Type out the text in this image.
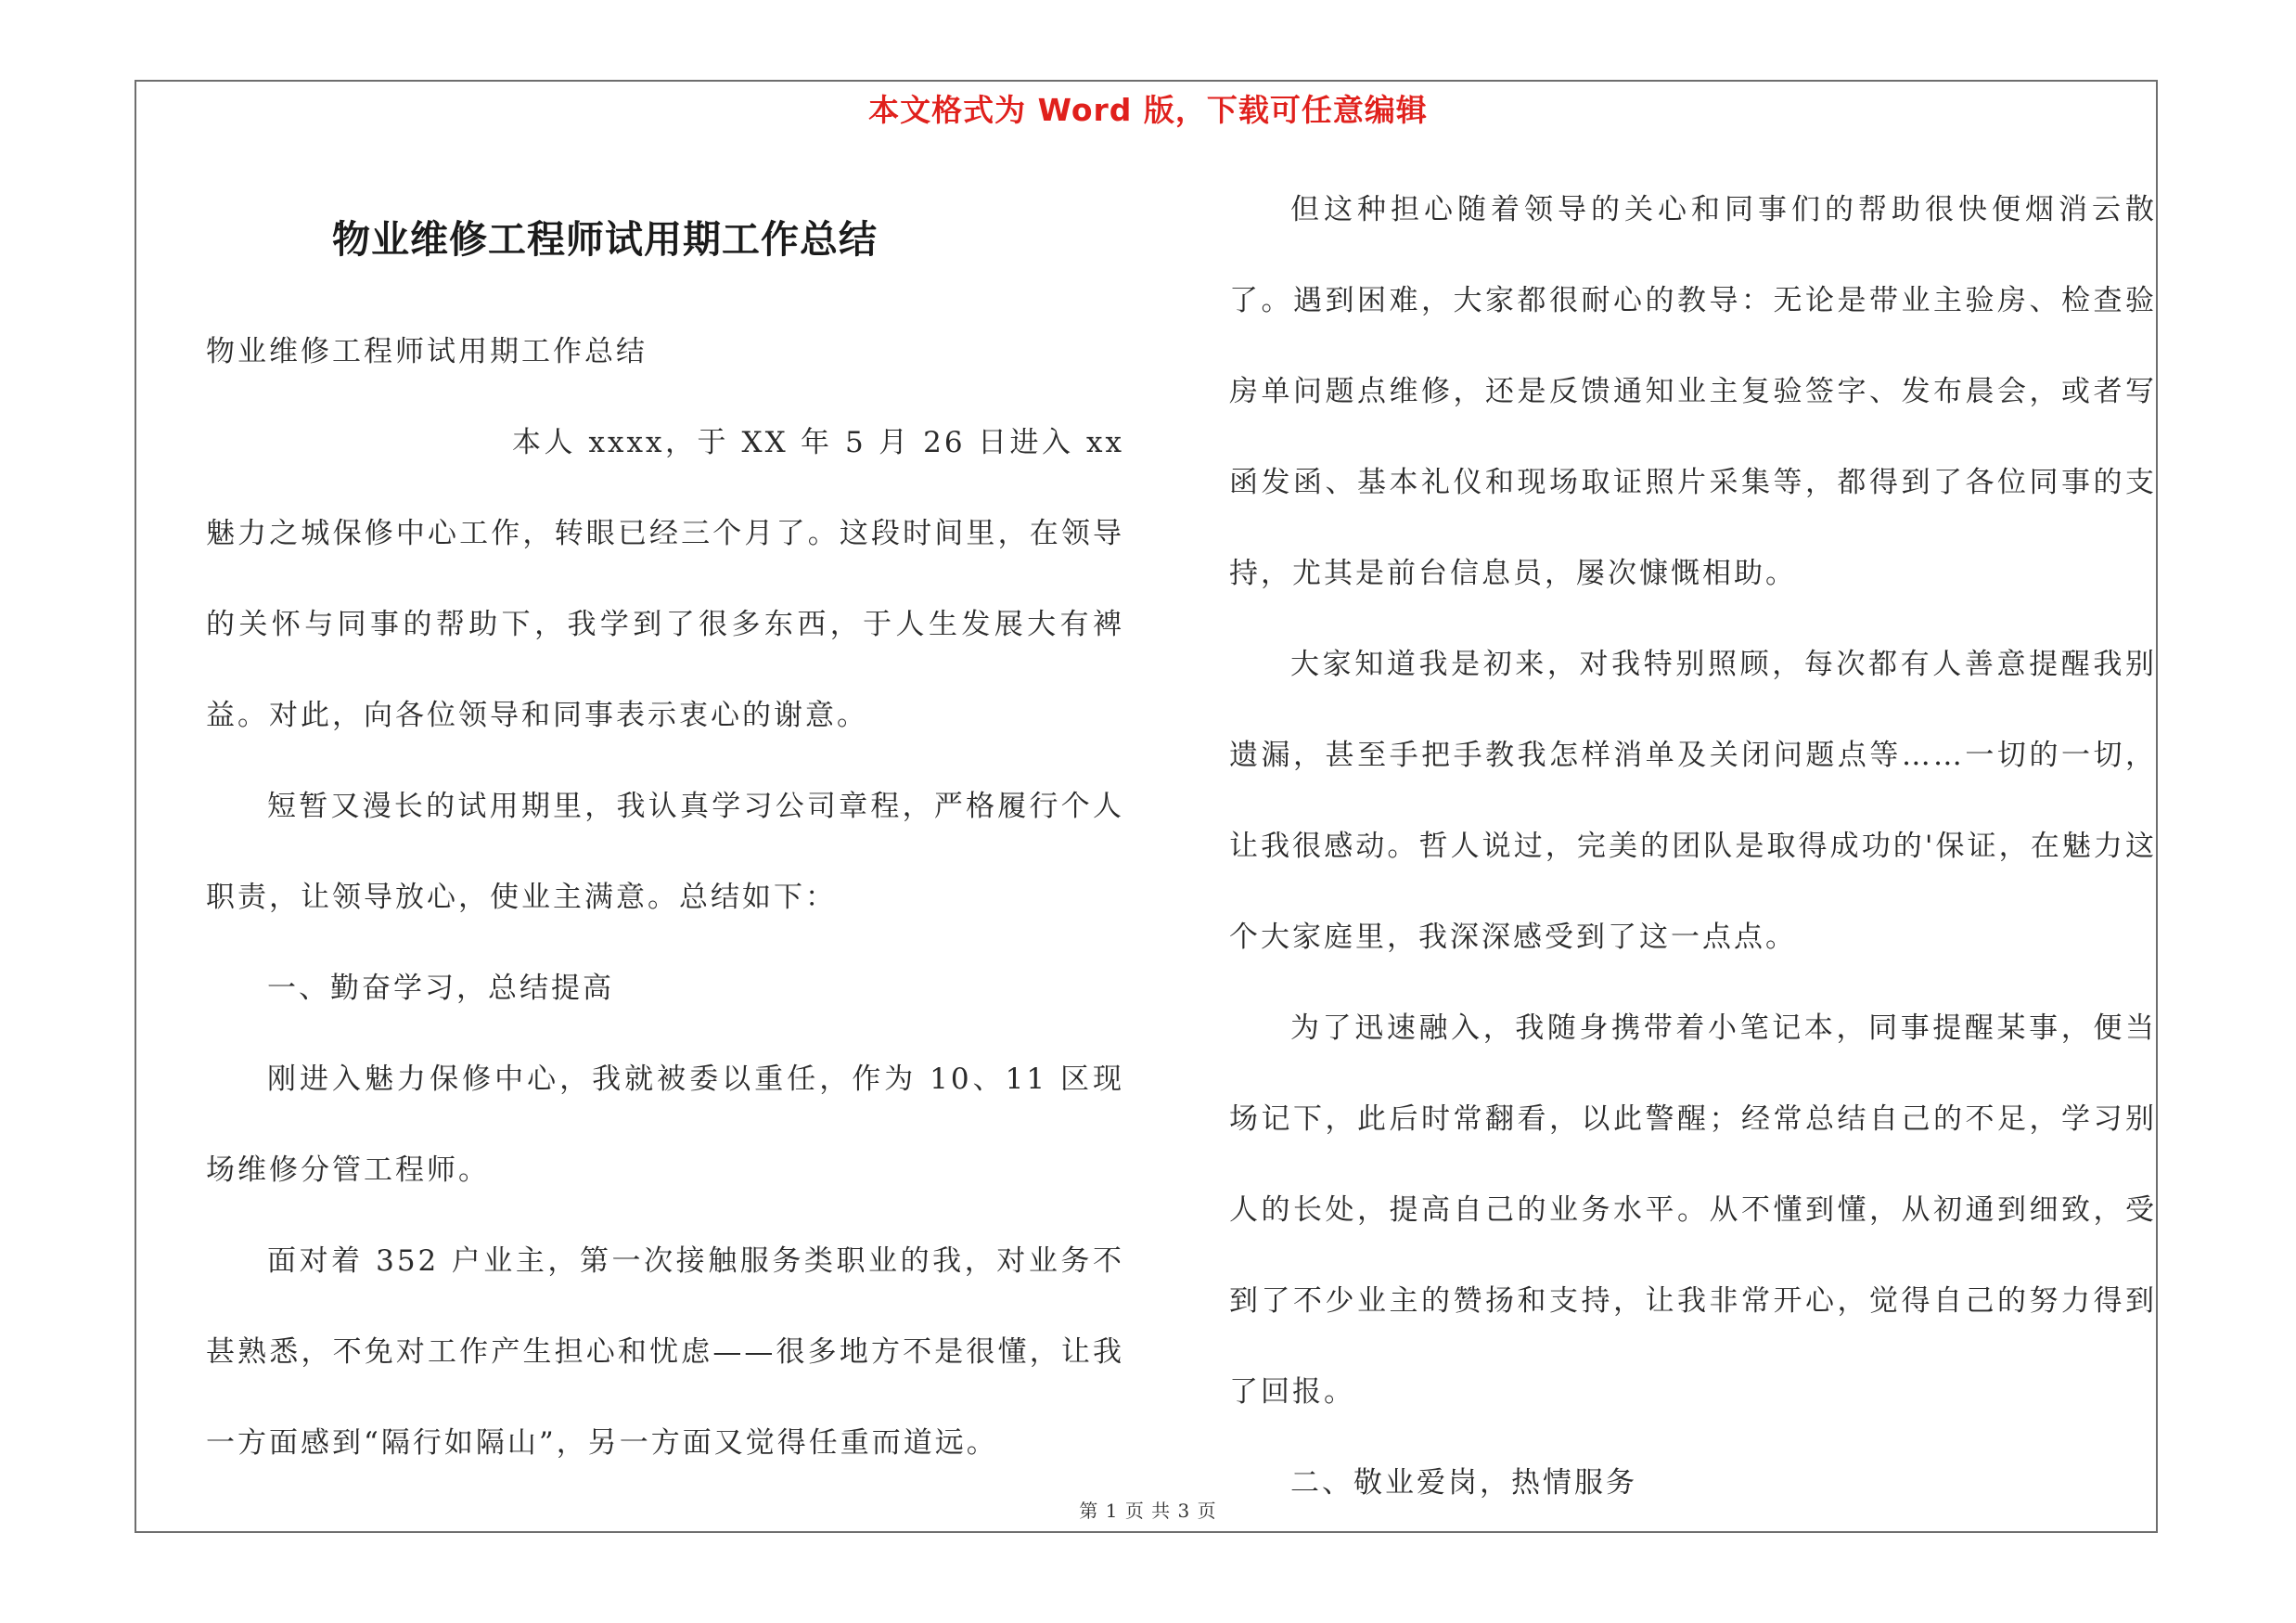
本文格式为 Word 版，下载可任意编辑
物业维修工程师试用期工作总结

物业维修工程师试用期工作总结

本人 xxxx，于 XX 年 5 月 26 日进入 xx 魅力之城保修中心工作，转眼已经三个月了。这段时间里，在领导的关怀与同事的帮助下，我学到了很多东西，于人生发展大有裨益。对此，向各位领导和同事表示衷心的谢意。

短暂又漫长的试用期里，我认真学习公司章程，严格履行个人职责，让领导放心，使业主满意。总结如下：

一、勤奋学习，总结提高

刚进入魅力保修中心，我就被委以重任，作为 10、11 区现场维修分管工程师。

面对着 352 户业主，第一次接触服务类职业的我，对业务不甚熟悉，不免对工作产生担心和忧虑——很多地方不是很懂，让我一方面感到“隔行如隔山”，另一方面又觉得任重而道远。

但这种担心随着领导的关心和同事们的帮助很快便烟消云散了。遇到困难，大家都很耐心的教导：无论是带业主验房、检查验房单问题点维修，还是反馈通知业主复验签字、发布晨会，或者写函发函、基本礼仪和现场取证照片采集等，都得到了各位同事的支持，尤其是前台信息员，屡次慷慨相助。

大家知道我是初来，对我特别照顾，每次都有人善意提醒我别遗漏，甚至手把手教我怎样消单及关闭问题点等……一切的一切，让我很感动。哲人说过，完美的团队是取得成功的'保证，在魅力这个大家庭里，我深深感受到了这一点点。

为了迅速融入，我随身携带着小笔记本，同事提醒某事，便当场记下，此后时常翻看，以此警醒；经常总结自己的不足，学习别人的长处，提高自己的业务水平。从不懂到懂，从初通到细致，受到了不少业主的赞扬和支持，让我非常开心，觉得自己的努力得到了回报。

二、敬业爱岗，热情服务

第 1 页 共 3 页
